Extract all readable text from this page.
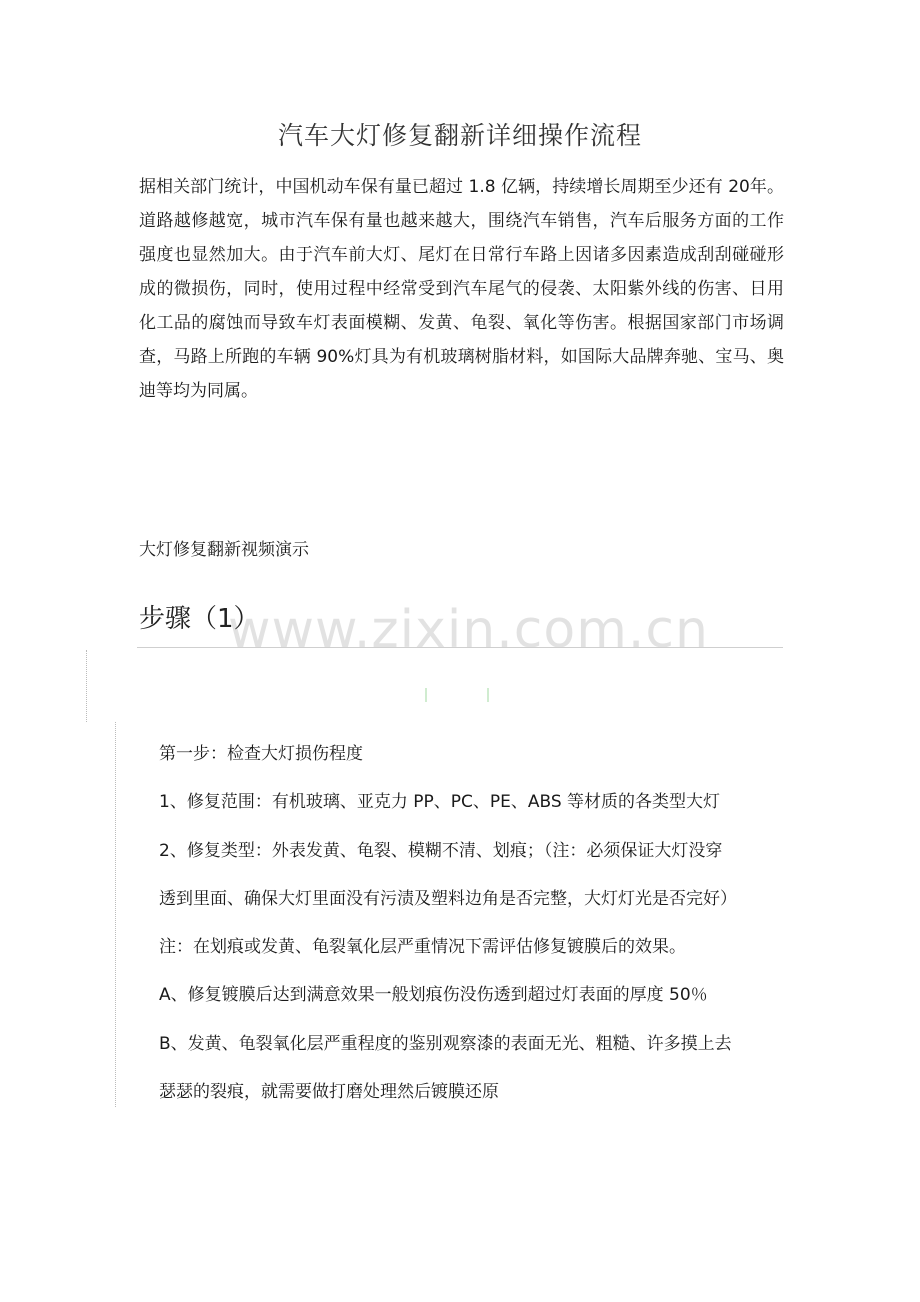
汽车大灯修复翻新详细操作流程

据相关部门统计，中国机动车保有量已超过 1.8 亿辆，持续增长周期至少还有 20年。道路越修越宽，城市汽车保有量也越来越大，围绕汽车销售，汽车后服务方面的工作强度也显然加大。由于汽车前大灯、尾灯在日常行车路上因诸多因素造成刮刮碰碰形成的微损伤，同时，使用过程中经常受到汽车尾气的侵袭、太阳紫外线的伤害、日用化工品的腐蚀而导致车灯表面模糊、发黄、龟裂、氧化等伤害。根据国家部门市场调查，马路上所跑的车辆 90%灯具为有机玻璃树脂材料，如国际大品牌奔驰、宝马、奥迪等均为同属。

大灯修复翻新视频演示

www.zixin.com.cn
步骤（1）
第一步：检查大灯损伤程度
1、修复范围：有机玻璃、亚克力 PP、PC、PE、ABS 等材质的各类型大灯
2、修复类型：外表发黄、龟裂、模糊不清、划痕；（注：必须保证大灯没穿
透到里面、确保大灯里面没有污渍及塑料边角是否完整，大灯灯光是否完好）
注：在划痕或发黄、龟裂氧化层严重情况下需评估修复镀膜后的效果。
A、修复镀膜后达到满意效果一般划痕伤没伤透到超过灯表面的厚度 50％
B、发黄、龟裂氧化层严重程度的鉴别观察漆的表面无光、粗糙、许多摸上去
瑟瑟的裂痕，就需要做打磨处理然后镀膜还原
